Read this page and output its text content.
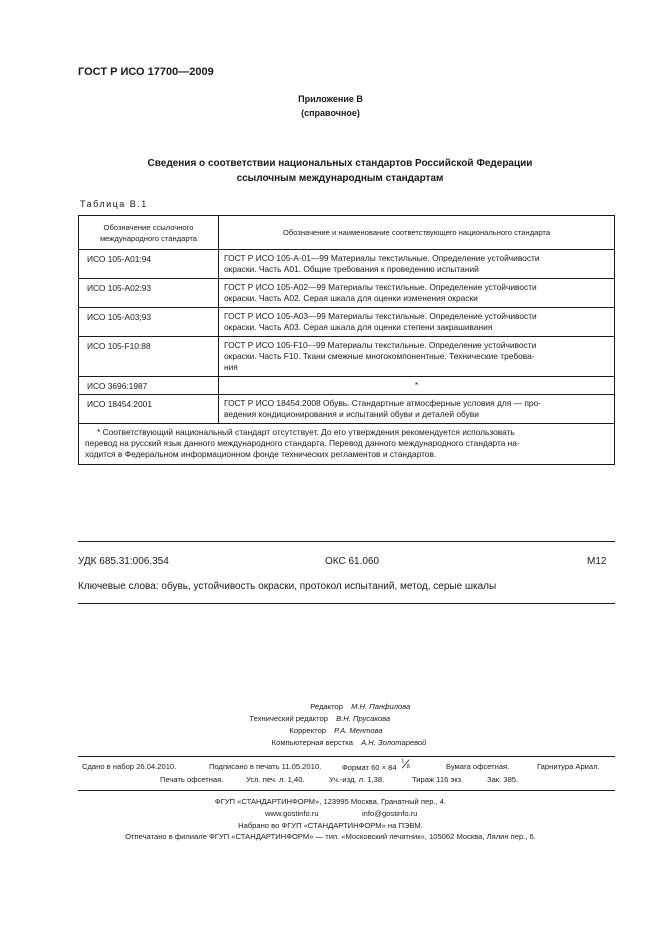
ГОСТ Р ИСО 17700—2009
Приложение В
(справочное)
Сведения о соответствии национальных стандартов Российской Федерации
ссылочным международным стандартам
Таблица В.1
Обозначение ссылочного
международного стандарта	Обозначение и наименование соответствующего национального стандарта
ИСО 105-А01:94	ГОСТ Р ИСО 105-А-01—99 Материалы текстильные. Определение устойчивости
окраски. Часть А01. Общие требования к проведению испытаний

ИСО 105-А02:93	ГОСТ Р ИСО 105-А02—99 Материалы текстильные. Определение устойчивости
окраски. Часть А02. Серая шкала для оценки изменения окраски

ИСО 105-А03;93	ГОСТ Р ИСО 105-А03—99 Материалы текстильные. Определение устойчивости
окраски. Часть А03. Серая шкала для оценки степени закрашивания

ИСО 105-F10:88	ГОСТ Р ИСО 105-F10—99 Материалы текстильные. Определение устойчивости
окраски. Часть F10. Ткани смежные многокомпонентные. Технические требова-
ния

ИСО 3696:1987	*
ИСО 18454:2001	ГОСТ Р ИСО 18454:2008 Обувь. Стандартные атмосферные условия для — про-
ведения кондиционирования и испытаний обуви и деталей обуви

* Соответствующий национальный стандарт отсутствует. До его утверждения рекомендуется использовать
перевод на русский язык данного международного стандарта. Перевод данного международного стандарта на-
ходится в Федеральном информационном фонде технических регламентов и стандартов.	
УДК 685.31:006.354	ОКС 61.060	М12
Ключевые слова: обувь, устойчивость окраски, протокол испытаний, метод, серые шкалы
Редактор М.Н. Панфилова
Технический редактор В.Н. Прусакова
Корректор Р.А. Ментова
Компьютерная верстка А.Н. Золотаревой
Сдано в набор 26.04.2010.	Подписано в печать 11.05.2010.	Формат 60 × 84
1
8	Бумага офсетная.	Гарнитура Ариал.
Печать офсетная.	Усл. печ. л. 1,40.	Уч.-изд. л. 1,38.	Тираж 116 экз.	Зак. 385.
ФГУП «СТАНДАРТИНФОРМ», 123995 Москва, Гранатный пер., 4.
www.gostinfo.ru	info@gostinfo.ru
Набрано во ФГУП «СТАНДАРТИНФОРМ» на ПЭВМ.
Отпечатано в филиале ФГУП «СТАНДАРТИНФОРМ» — тип. «Московский печатник», 105062 Москва, Лялин пер., 6.
